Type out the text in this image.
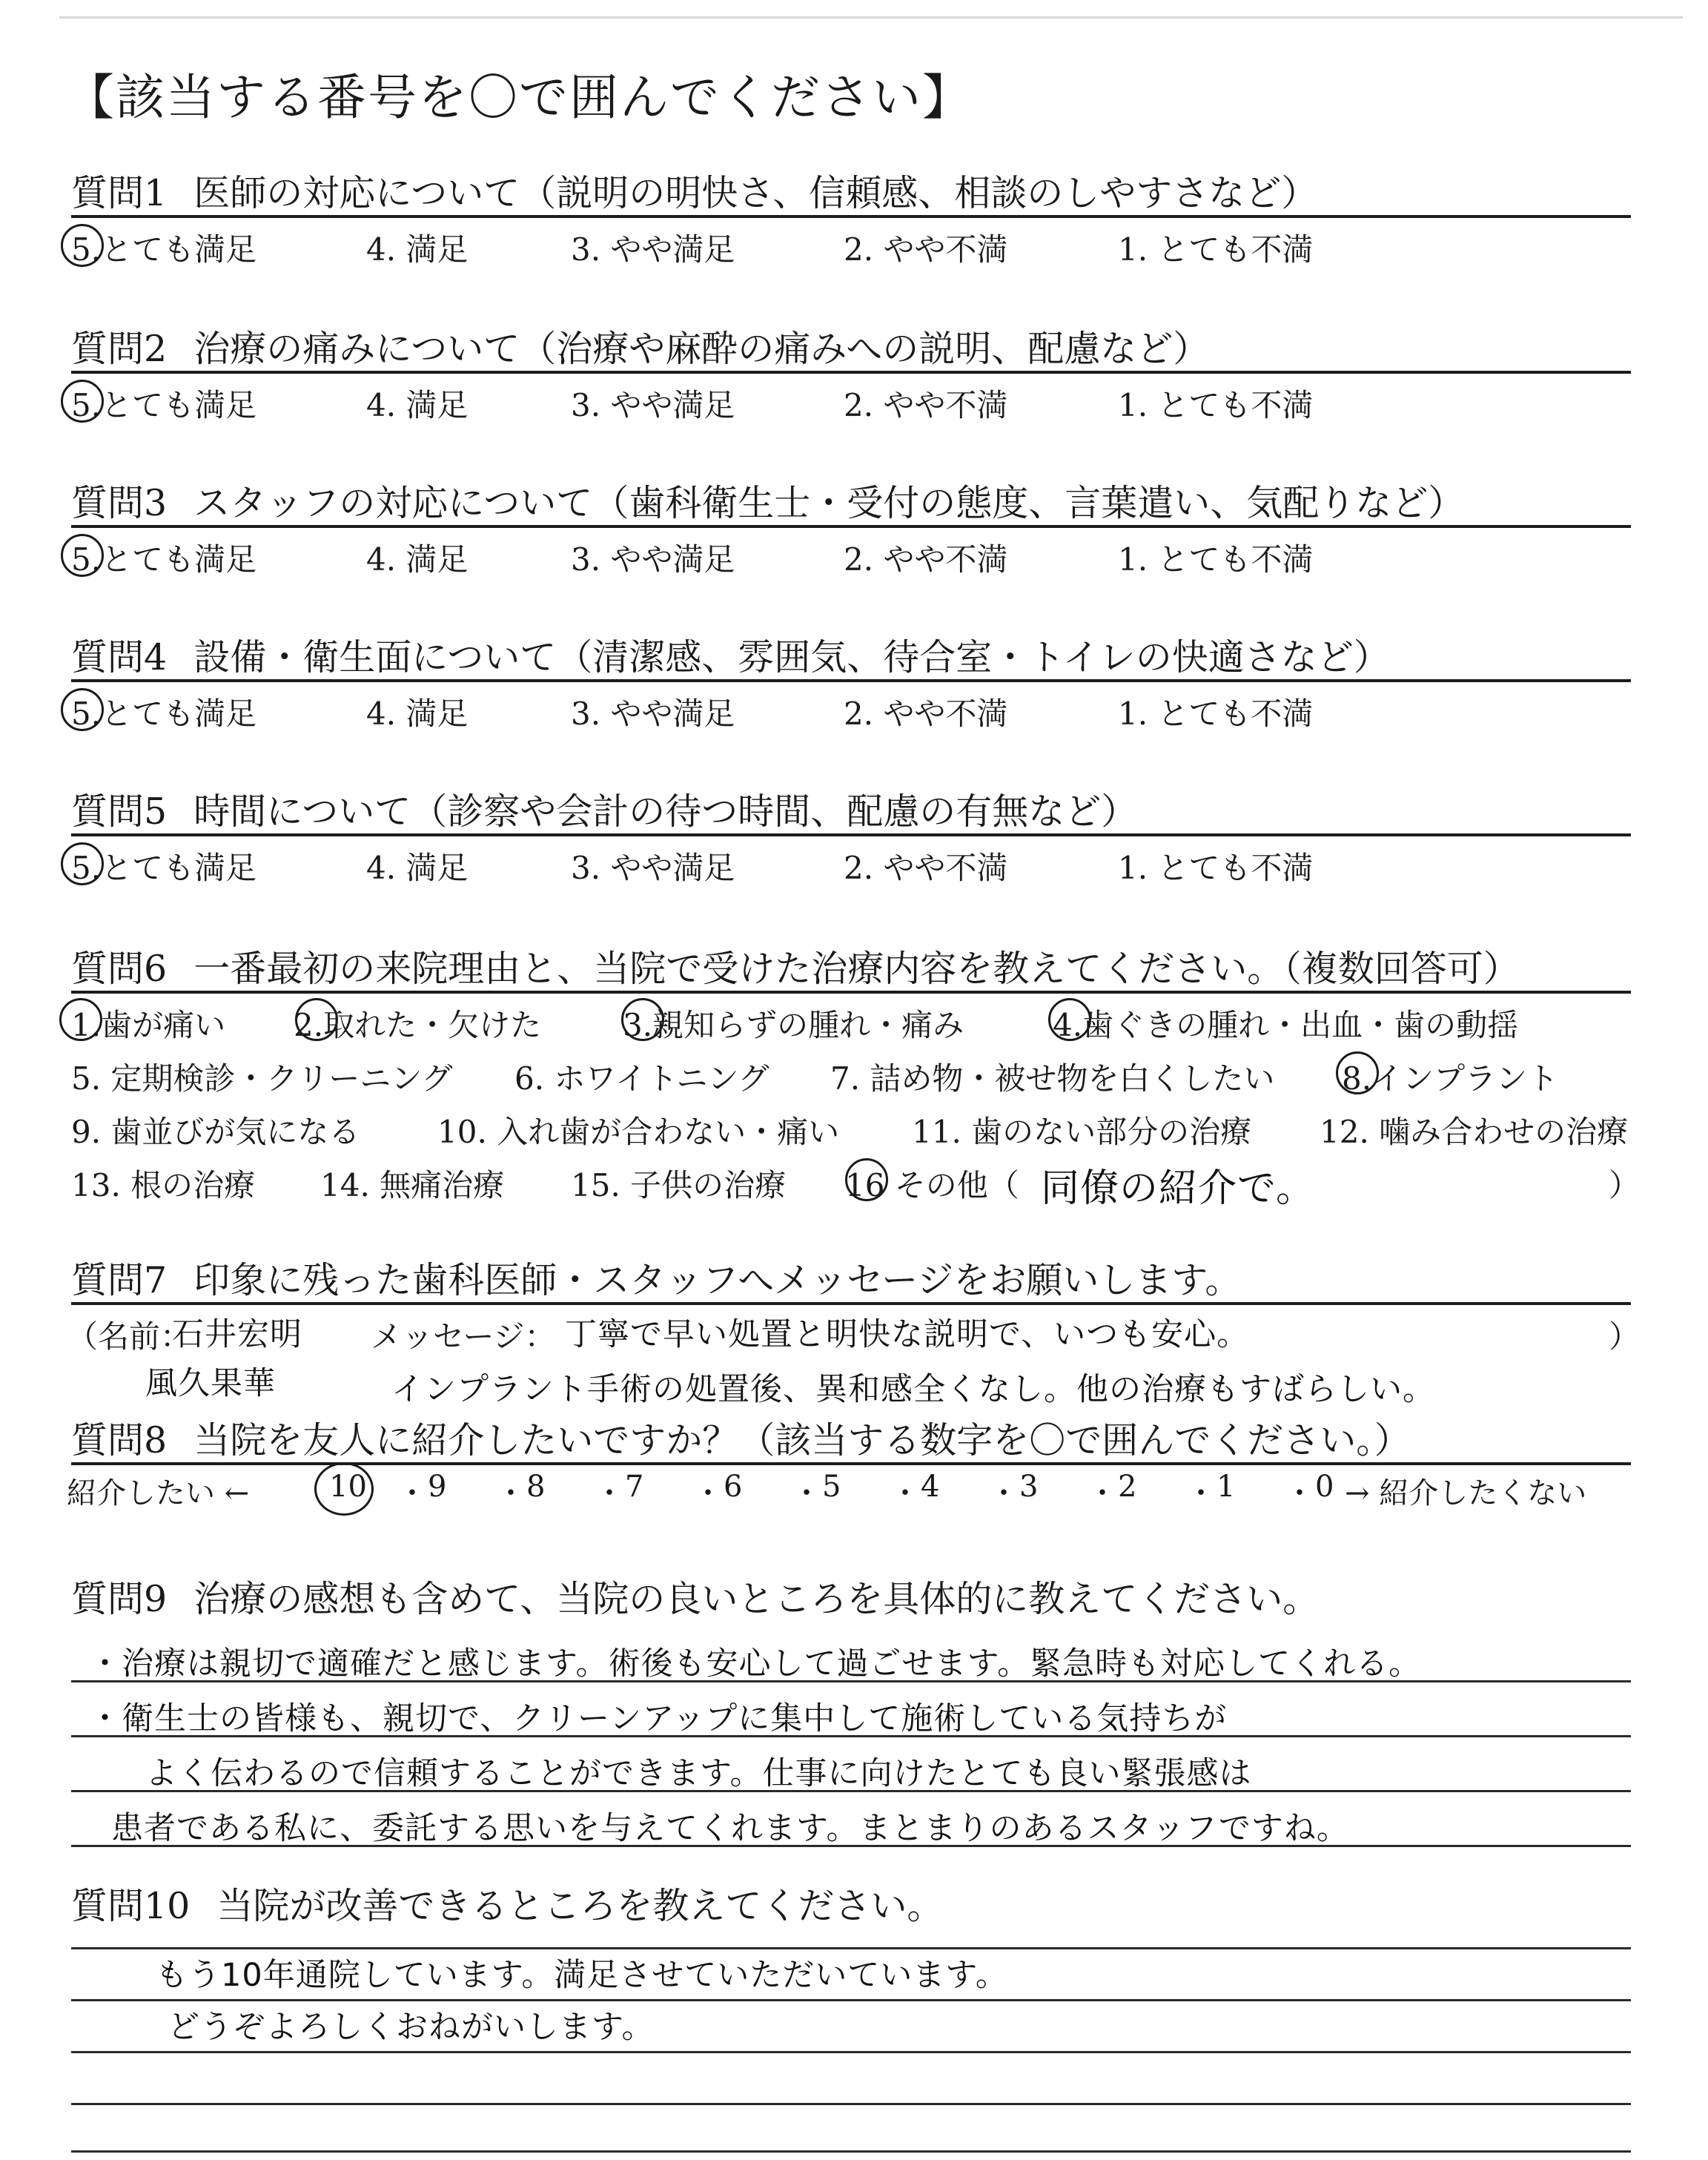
【該当する番号を〇で囲んでください】
質問1 医師の対応について（説明の明快さ、信頼感、相談のしやすさなど）
5.とても満足	4. 満足	3. やや満足	2. やや不満	1. とても不満
質問2 治療の痛みについて（治療や麻酔の痛みへの説明、配慮など）
5.とても満足	4. 満足	3. やや満足	2. やや不満	1. とても不満
質問3 スタッフの対応について（歯科衛生士・受付の態度、言葉遣い、気配りなど）
5.とても満足	4. 満足	3. やや満足	2. やや不満	1. とても不満
質問4 設備・衛生面について（清潔感、雰囲気、待合室・トイレの快適さなど）
5.とても満足	4. 満足	3. やや満足	2. やや不満	1. とても不満
質問5 時間について（診察や会計の待つ時間、配慮の有無など）
5.とても満足	4. 満足	3. やや満足	2. やや不満	1. とても不満
質問6 一番最初の来院理由と、当院で受けた治療内容を教えてください。（複数回答可）
1.歯が痛い 2.取れた・欠けた	3.親知らずの腫れ・痛み	4.歯ぐきの腫れ・出血・歯の動揺
5. 定期検診・クリーニング 6. ホワイトニング 7. 詰め物・被せ物を白くしたい 8.インプラント
9. 歯並びが気になる 10. 入れ歯が合わない・痛い 11. 歯のない部分の治療 12. 噛み合わせの治療
13. 根の治療 14. 無痛治療 15. 子供の治療 16 その他（ 同僚の紹介で。	）
質問7 印象に残った歯科医師・スタッフへメッセージをお願いします。
（名前：
石井宏明 メッセージ： 丁寧で早い処置と明快な説明で、いつも安心。	）
風久果華	インプラント手術の処置後、異和感全くなし。他の治療もすばらしい。
質問8 当院を友人に紹介したいですか？（該当する数字を〇で囲んでください。）
紹介したい ←	10 ・ 9 ・ 8 ・ 7 ・ 6 ・ 5 ・ 4 ・ 3 ・ 2 ・ 1 ・ 0 → 紹介したくない
質問9 治療の感想も含めて、当院の良いところを具体的に教えてください。
・治療は親切で適確だと感じます。術後も安心して過ごせます。緊急時も対応してくれる。
・衛生士の皆様も、親切で、クリーンアップに集中して施術している気持ちが
よく伝わるので信頼することができます。仕事に向けたとても良い緊張感は
患者である私に、委託する思いを与えてくれます。まとまりのあるスタッフですね。
質問10 当院が改善できるところを教えてください。
もう10年通院しています。満足させていただいています。
どうぞよろしくおねがいします。
